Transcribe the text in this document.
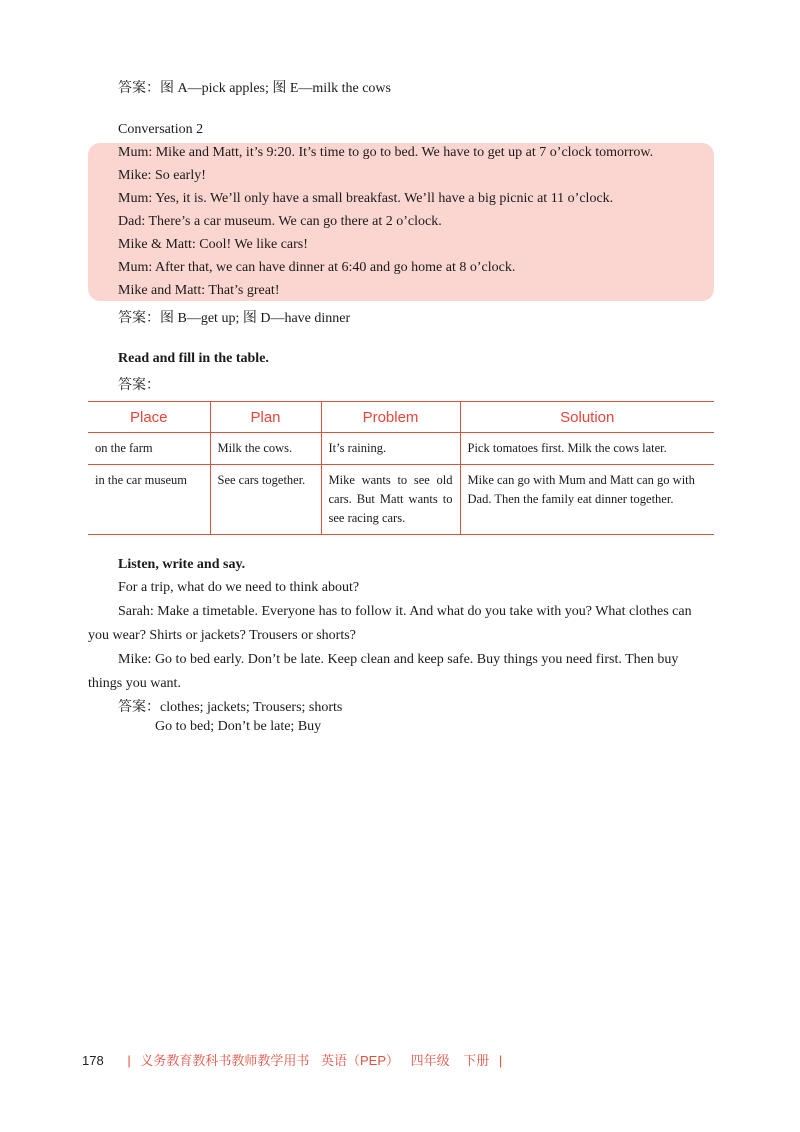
答案：图 A—pick apples; 图 E—milk the cows
Conversation 2
Mum: Mike and Matt, it’s 9:20. It’s time to go to bed. We have to get up at 7 o’clock tomorrow.
Mike: So early!
Mum: Yes, it is. We’ll only have a small breakfast. We’ll have a big picnic at 11 o’clock.
Dad: There’s a car museum. We can go there at 2 o’clock.
Mike & Matt: Cool! We like cars!
Mum: After that, we can have dinner at 6:40 and go home at 8 o’clock.
Mike and Matt: That’s great!
答案：图 B—get up; 图 D—have dinner
Read and fill in the table.
答案：
Place	Plan	Problem	Solution
on the farm	Milk the cows.	It’s raining.	Pick tomatoes first. Milk the cows later.
in the car museum	See cars together.	Mike wants to see old cars. But Matt wants to see racing cars.	Mike can go with Mum and Matt can go with Dad. Then the family eat dinner together.
Listen, write and say.
For a trip, what do we need to think about?
Sarah: Make a timetable. Everyone has to follow it. And what do you take with you? What clothes can you wear? Shirts or jackets? Trousers or shorts?
Mike: Go to bed early. Don’t be late. Keep clean and keep safe. Buy things you need first. Then buy things you want.
答案：clothes; jackets; Trousers; shorts
Go to bed; Don’t be late; Buy
178 | 义务教育教科书教师教学用书 英语（PEP） 四年级 下册 |
